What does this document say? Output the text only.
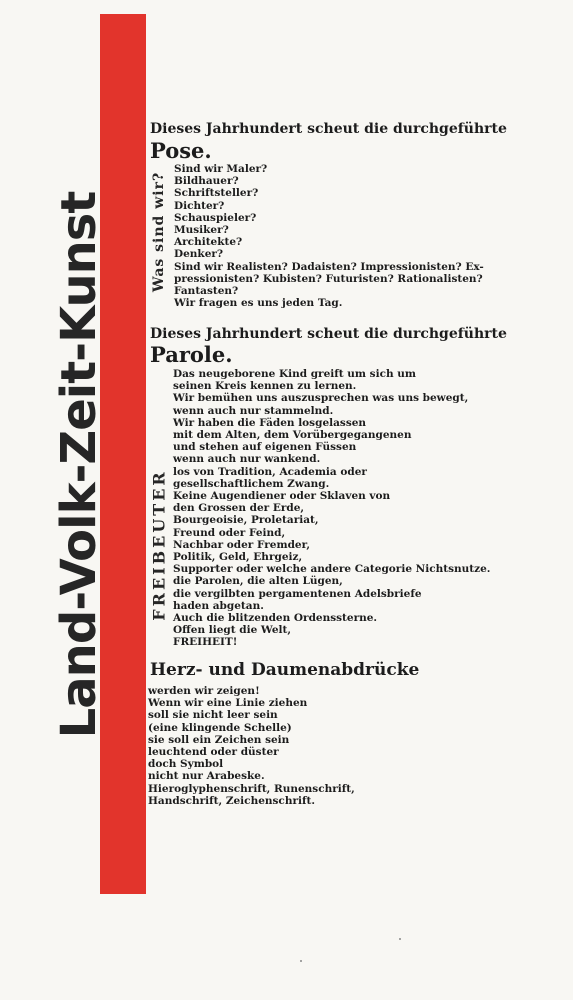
Land-Volk-Zeit-Kunst	Was sind wir?
FREIBEUTER
Dieses Jahrhundert scheut die durchgeführte
Pose.
Sind wir Maler?
Bildhauer?
Schriftsteller?
Dichter?
Schauspieler?
Musiker?
Architekte?
Denker?
Sind wir Realisten? Dadaisten? Impressionisten? Ex-
pressionisten? Kubisten? Futuristen? Rationalisten?
Fantasten?
Wir fragen es uns jeden Tag.
Dieses Jahrhundert scheut die durchgeführte
Parole.
Das neugeborene Kind greift um sich um
seinen Kreis kennen zu lernen.
Wir bemühen uns auszusprechen was uns bewegt,
wenn auch nur stammelnd.
Wir haben die Fäden losgelassen
mit dem Alten, dem Vorübergegangenen
und stehen auf eigenen Füssen
wenn auch nur wankend.
los von Tradition, Academia oder
gesellschaftlichem Zwang.
Keine Augendiener oder Sklaven von
den Grossen der Erde,
Bourgeoisie, Proletariat,
Freund oder Feind,
Nachbar oder Fremder,
Politik, Geld, Ehrgeiz,
Supporter oder welche andere Categorie Nichtsnutze.
die Parolen, die alten Lügen,
die vergilbten pergamentenen Adelsbriefe
haden abgetan.
Auch die blitzenden Ordenssterne.
Offen liegt die Welt,
FREIHEIT!
Herz- und Daumenabdrücke
werden wir zeigen!
Wenn wir eine Linie ziehen
soll sie nicht leer sein
(eine klingende Schelle)
sie soll ein Zeichen sein
leuchtend oder düster
doch Symbol
nicht nur Arabeske.
Hieroglyphenschrift, Runenschrift,
Handschrift, Zeichenschrift.
